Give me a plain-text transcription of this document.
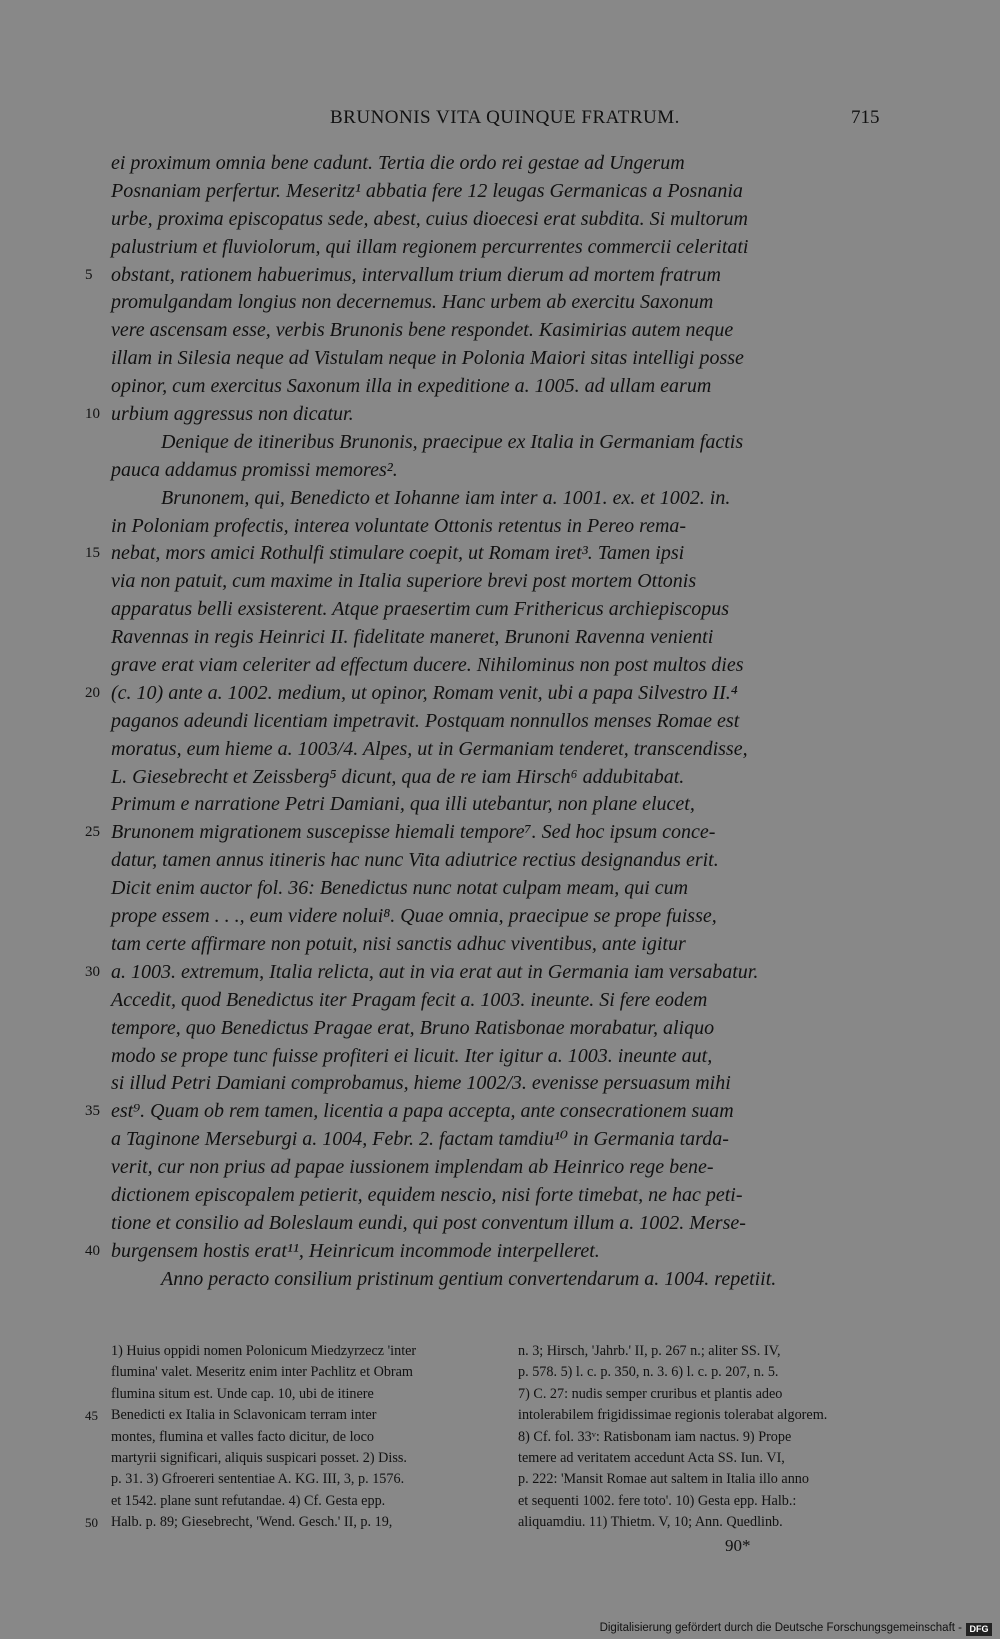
BRUNONIS VITA QUINQUE FRATRUM.	715
ei proximum omnia bene cadunt. Tertia die ordo rei gestae ad Ungerum
Posnaniam perfertur. Meseritz¹ abbatia fere 12 leugas Germanicas a Posnania
urbe, proxima episcopatus sede, abest, cuius dioecesi erat subdita. Si multorum
palustrium et fluviolorum, qui illam regionem percurrentes commercii celeritati
5 obstant, rationem habuerimus, intervallum trium dierum ad mortem fratrum
promulgandam longius non decernemus. Hanc urbem ab exercitu Saxonum
vere ascensam esse, verbis Brunonis bene respondet. Kasimirias autem neque
illam in Silesia neque ad Vistulam neque in Polonia Maiori sitas intelligi posse
opinor, cum exercitus Saxonum illa in expeditione a. 1005. ad ullam earum
10 urbium aggressus non dicatur.
Denique de itineribus Brunonis, praecipue ex Italia in Germaniam factis
pauca addamus promissi memores².
Brunonem, qui, Benedicto et Iohanne iam inter a. 1001. ex. et 1002. in.
in Poloniam profectis, interea voluntate Ottonis retentus in Pereo rema-
15 nebat, mors amici Rothulfi stimulare coepit, ut Romam iret³. Tamen ipsi
via non patuit, cum maxime in Italia superiore brevi post mortem Ottonis
apparatus belli exsisterent. Atque praesertim cum Frithericus archiepiscopus
Ravennas in regis Heinrici II. fidelitate maneret, Brunoni Ravenna venienti
grave erat viam celeriter ad effectum ducere. Nihilominus non post multos dies
20 (c. 10) ante a. 1002. medium, ut opinor, Romam venit, ubi a papa Silvestro II.⁴
paganos adeundi licentiam impetravit. Postquam nonnullos menses Romae est
moratus, eum hieme a. 1003/4. Alpes, ut in Germaniam tenderet, transcendisse,
L. Giesebrecht et Zeissberg⁵ dicunt, qua de re iam Hirsch⁶ addubitabat.
Primum e narratione Petri Damiani, qua illi utebantur, non plane elucet,
25 Brunonem migrationem suscepisse hiemali tempore⁷. Sed hoc ipsum conce-
datur, tamen annus itineris hac nunc Vita adiutrice rectius designandus erit.
Dicit enim auctor fol. 36: Benedictus nunc notat culpam meam, qui cum
prope essem . . ., eum videre nolui⁸. Quae omnia, praecipue se prope fuisse,
tam certe affirmare non potuit, nisi sanctis adhuc viventibus, ante igitur
30 a. 1003. extremum, Italia relicta, aut in via erat aut in Germania iam versabatur.
Accedit, quod Benedictus iter Pragam fecit a. 1003. ineunte. Si fere eodem
tempore, quo Benedictus Pragae erat, Bruno Ratisbonae morabatur, aliquo
modo se prope tunc fuisse profiteri ei licuit. Iter igitur a. 1003. ineunte aut,
si illud Petri Damiani comprobamus, hieme 1002/3. evenisse persuasum mihi
35 est⁹. Quam ob rem tamen, licentia a papa accepta, ante consecrationem suam
a Taginone Merseburgi a. 1004, Febr. 2. factam tamdiu¹⁰ in Germania tarda-
verit, cur non prius ad papae iussionem implendam ab Heinrico rege bene-
dictionem episcopalem petierit, equidem nescio, nisi forte timebat, ne hac peti-
tione et consilio ad Boleslaum eundi, qui post conventum illum a. 1002. Merse-
40 burgensem hostis erat¹¹, Heinricum incommode interpelleret.
Anno peracto consilium pristinum gentium convertendarum a. 1004. repetiit.
1) Huius oppidi nomen Polonicum Miedzyrzecz 'inter	n. 3; Hirsch, 'Jahrb.' II, p. 267 n.; aliter SS. IV,
flumina' valet. Meseritz enim inter Pachlitz et Obram	p. 578. 5) l. c. p. 350, n. 3. 6) l. c. p. 207, n. 5.
flumina situm est. Unde cap. 10, ubi de itinere	7) C. 27: nudis semper cruribus et plantis adeo
45 Benedicti ex Italia in Sclavonicam terram inter	intolerabilem frigidissimae regionis tolerabat algorem.
montes, flumina et valles facto dicitur, de loco	8) Cf. fol. 33ᵛ: Ratisbonam iam nactus. 9) Prope
martyrii significari, aliquis suspicari posset. 2) Diss.	temere ad veritatem accedunt Acta SS. Iun. VI,
p. 31. 3) Gfroereri sententiae A. KG. III, 3, p. 1576.	p. 222: 'Mansit Romae aut saltem in Italia illo anno
et 1542. plane sunt refutandae. 4) Cf. Gesta epp.	et sequenti 1002. fere toto'. 10) Gesta epp. Halb.:
50 Halb. p. 89; Giesebrecht, 'Wend. Gesch.' II, p. 19,	aliquamdiu. 11) Thietm. V, 10; Ann. Quedlinb.
90*
Digitalisierung gefördert durch die Deutsche Forschungsgemeinschaft - DFG
